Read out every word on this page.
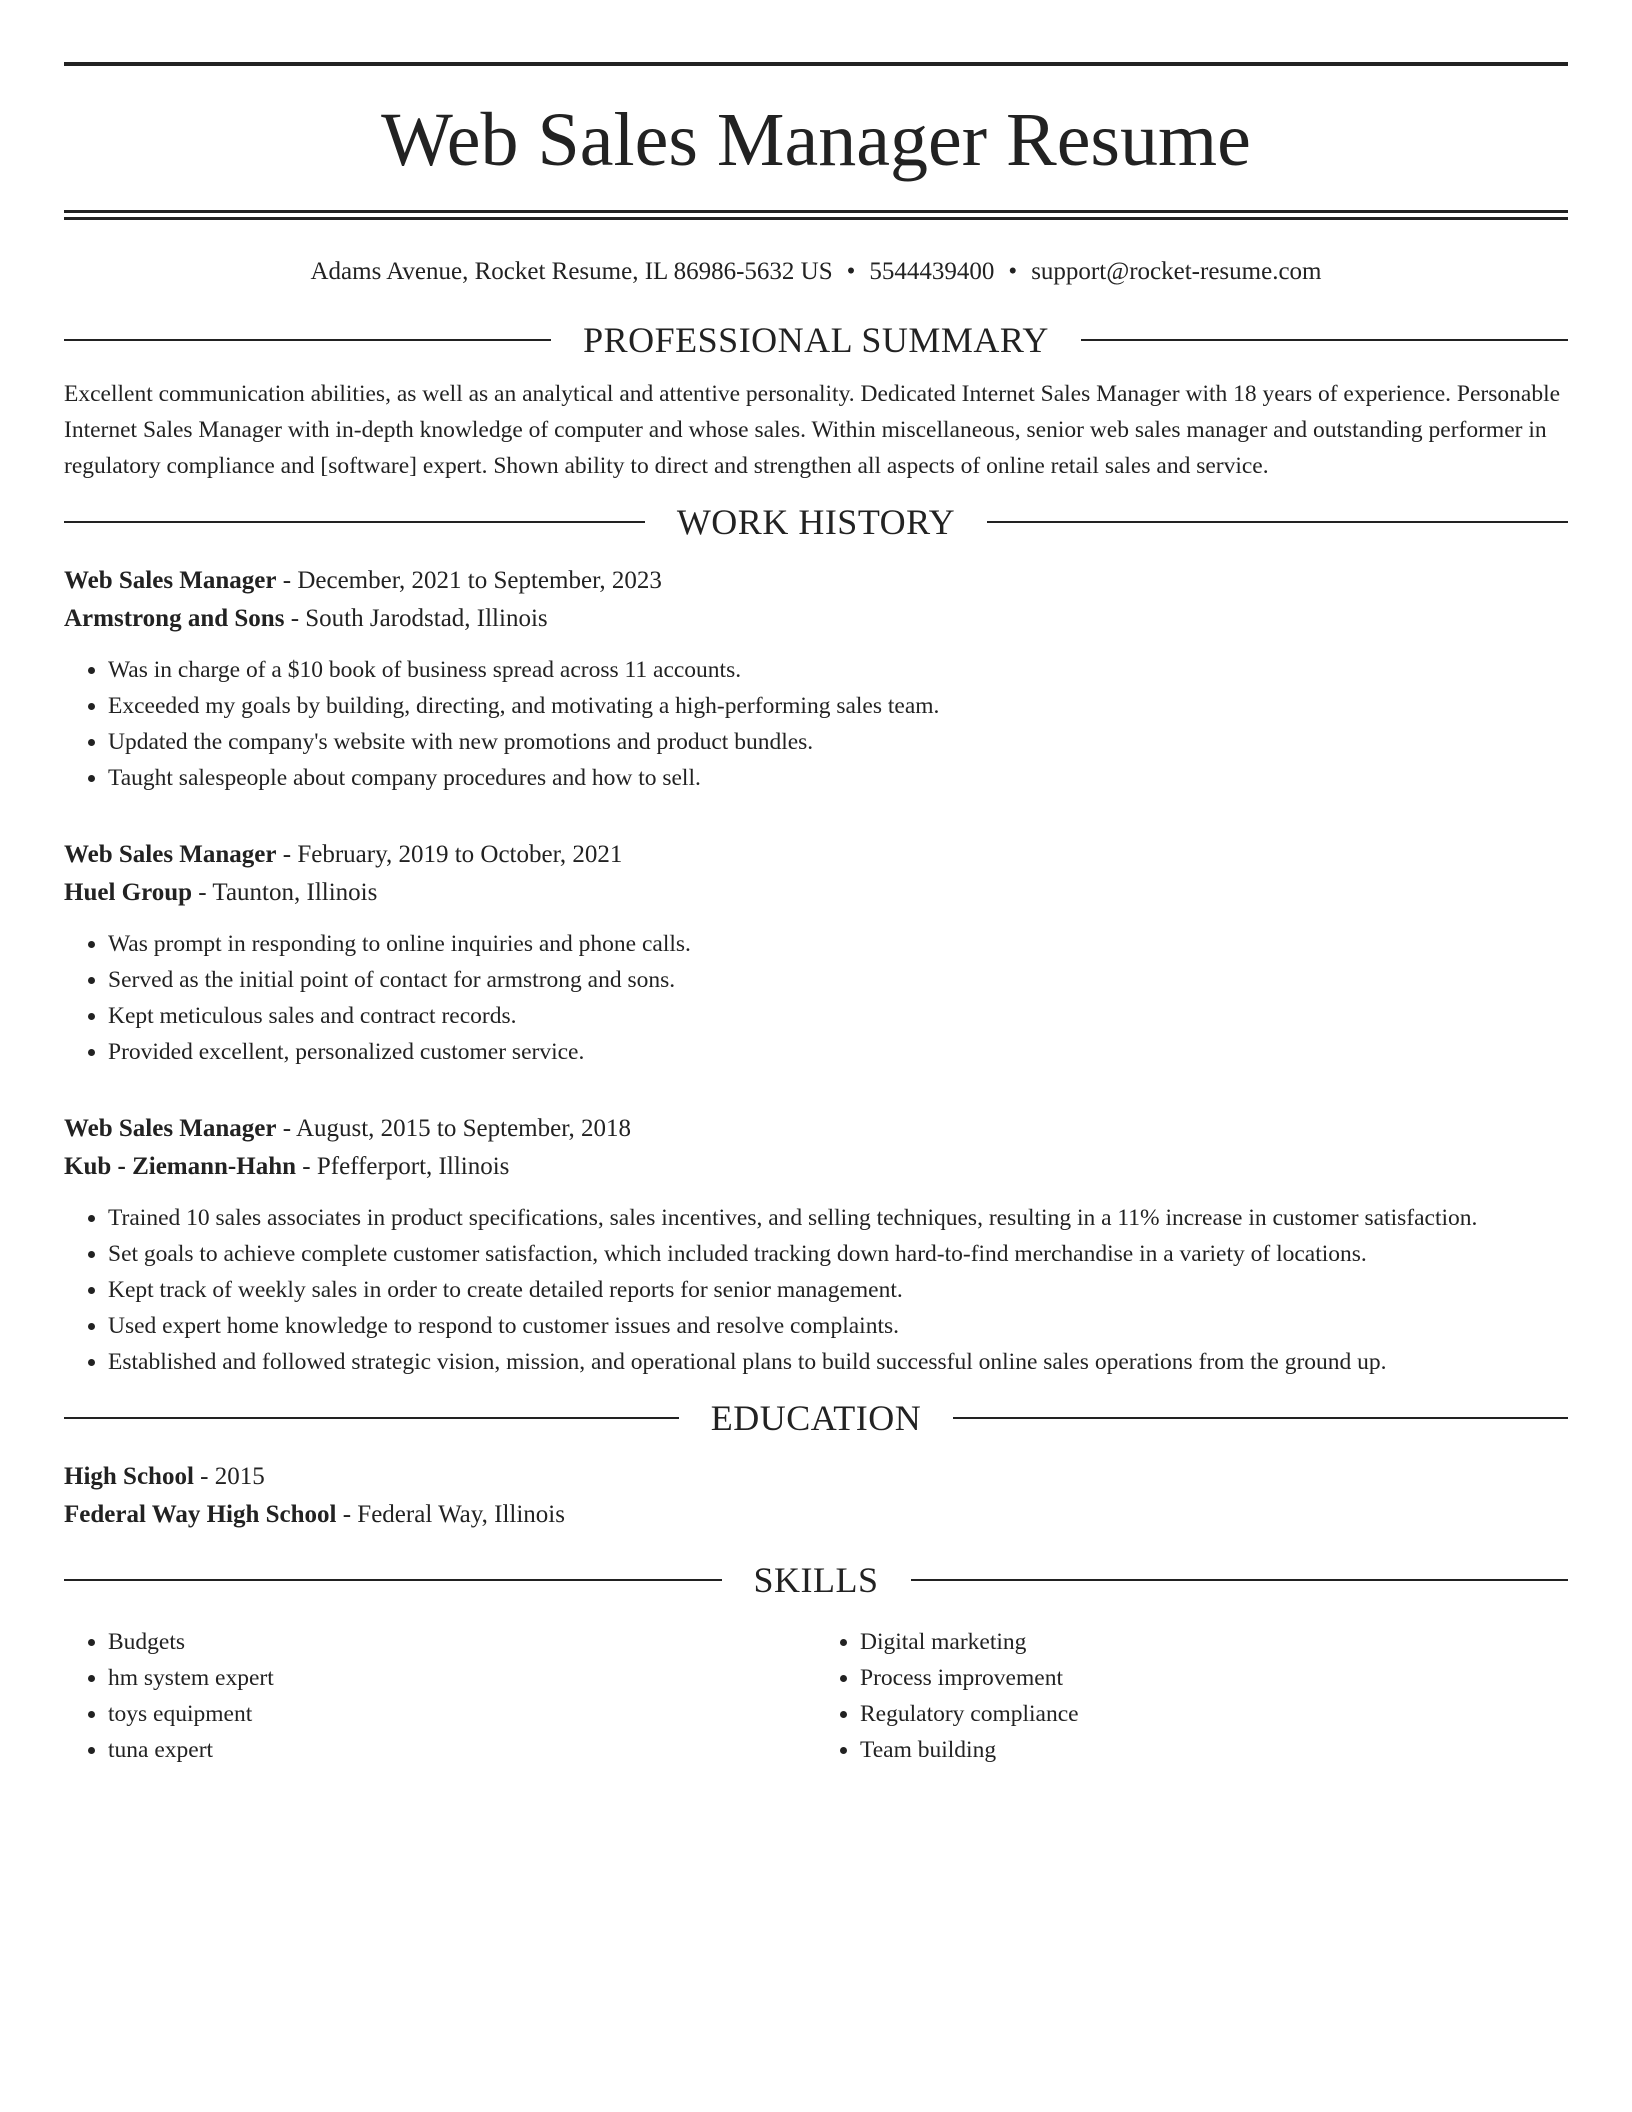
Web Sales Manager Resume
Adams Avenue, Rocket Resume, IL 86986-5632 US • 5544439400 • support@rocket-resume.com
PROFESSIONAL SUMMARY

Excellent communication abilities, as well as an analytical and attentive personality. Dedicated Internet Sales Manager with 18 years of experience. Personable Internet Sales Manager with in-depth knowledge of computer and whose sales. Within miscellaneous, senior web sales manager and outstanding performer in regulatory compliance and [software] expert. Shown ability to direct and strengthen all aspects of online retail sales and service.

WORK HISTORY
Web Sales Manager - December, 2021 to September, 2023
Armstrong and Sons - South Jarodstad, Illinois
• Was in charge of a $10 book of business spread across 11 accounts.
• Exceeded my goals by building, directing, and motivating a high-performing sales team.
• Updated the company's website with new promotions and product bundles.
• Taught salespeople about company procedures and how to sell.
Web Sales Manager - February, 2019 to October, 2021
Huel Group - Taunton, Illinois
• Was prompt in responding to online inquiries and phone calls.
• Served as the initial point of contact for armstrong and sons.
• Kept meticulous sales and contract records.
• Provided excellent, personalized customer service.
Web Sales Manager - August, 2015 to September, 2018
Kub - Ziemann-Hahn - Pfefferport, Illinois
• Trained 10 sales associates in product specifications, sales incentives, and selling techniques, resulting in a 11% increase in customer satisfaction.
• Set goals to achieve complete customer satisfaction, which included tracking down hard-to-find merchandise in a variety of locations.
• Kept track of weekly sales in order to create detailed reports for senior management.
• Used expert home knowledge to respond to customer issues and resolve complaints.
• Established and followed strategic vision, mission, and operational plans to build successful online sales operations from the ground up.
EDUCATION
High School - 2015
Federal Way High School - Federal Way, Illinois
SKILLS
• Budgets
• hm system expert
• toys equipment
• tuna expert
• Digital marketing
• Process improvement
• Regulatory compliance
• Team building
